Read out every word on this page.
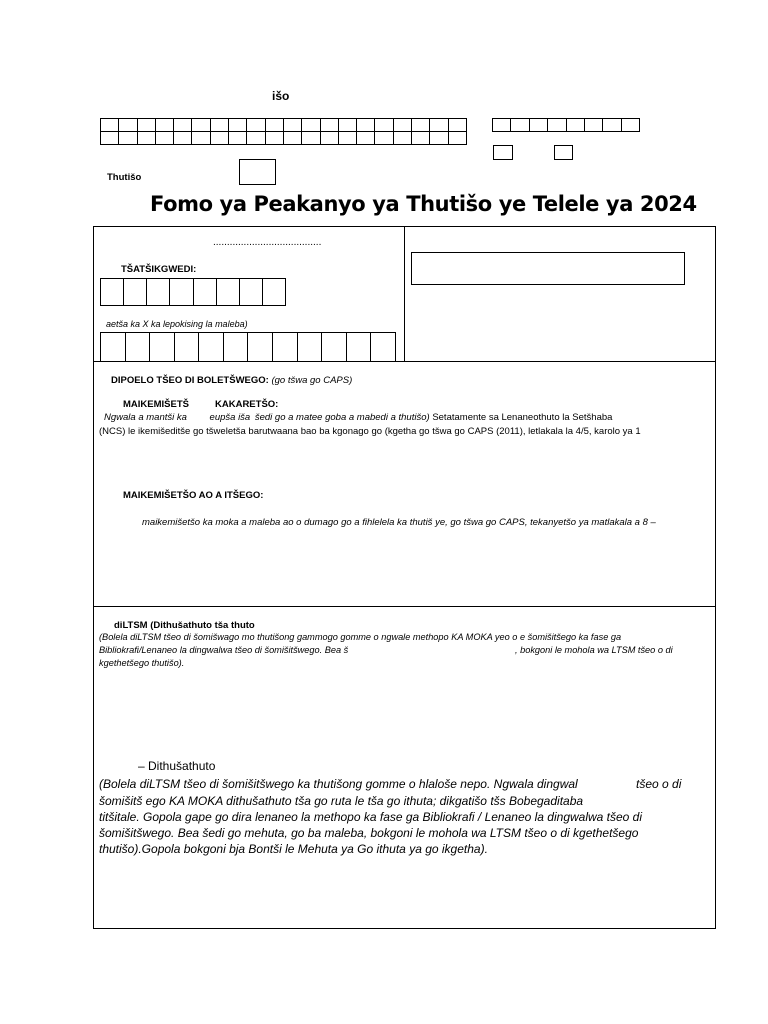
išo
Thutišo
Fomo ya Peakanyo ya Thutišo ye Telele ya 2024
.......................................
TŠATŠIKGWEDI:
aetša ka X ka lepokising la maleba)
DIPOELO TŠEO DI BOLETŠWEGO: (go tšwa go CAPS)
MAIKEMIŠETŠ	KAKARETŠO:
Ngwala a mantši ka eupša iša šedi go a matee goba a mabedi a thutišo) Setatamente sa Lenaneothuto la Setšhaba
(NCS) le ikemišeditše go tšweletša barutwaana bao ba kgonago go (kgetha go tšwa go CAPS (2011), letlakala la 4/5, karolo ya 1
MAIKEMIŠETŠO AO A ITŠEGO:
maikemišetšo ka moka a maleba ao o dumago go a fihlelela ka thutiš ye, go tšwa go CAPS, tekanyetšo ya matlakala a 8 –
diLTSM (Dithušathuto tša thuto
(Bolela diLTSM tšeo di šomišwago mo thutišong gammogo gomme o ngwale methopo KA MOKA yeo o e šomišitšego ka fase ga
Bibliokrafi/Lenaneo la dingwalwa tšeo di šomišitšwego. Bea š	, bokgoni le mohola wa LTSM tšeo o di
kgethetšego thutišo).
– Dithušathuto
(Bolela diLTSM tšeo di šomišitšwego ka thutišong gomme o hlaloše nepo. Ngwala dingwal	tšeo o di
šomišitš ego KA MOKA dithušathuto tša go ruta le tša go ithuta; dikgatišo tšs Bobegaditaba
titšitale. Gopola gape go dira lenaneo la methopo ka fase ga Bibliokrafi / Lenaneo la dingwalwa tšeo di
šomišitšwego. Bea šedi go mehuta, go ba maleba, bokgoni le mohola wa LTSM tšeo o di kgethetšego
thutišo).Gopola bokgoni bja Bontši le Mehuta ya Go ithuta ya go ikgetha).
